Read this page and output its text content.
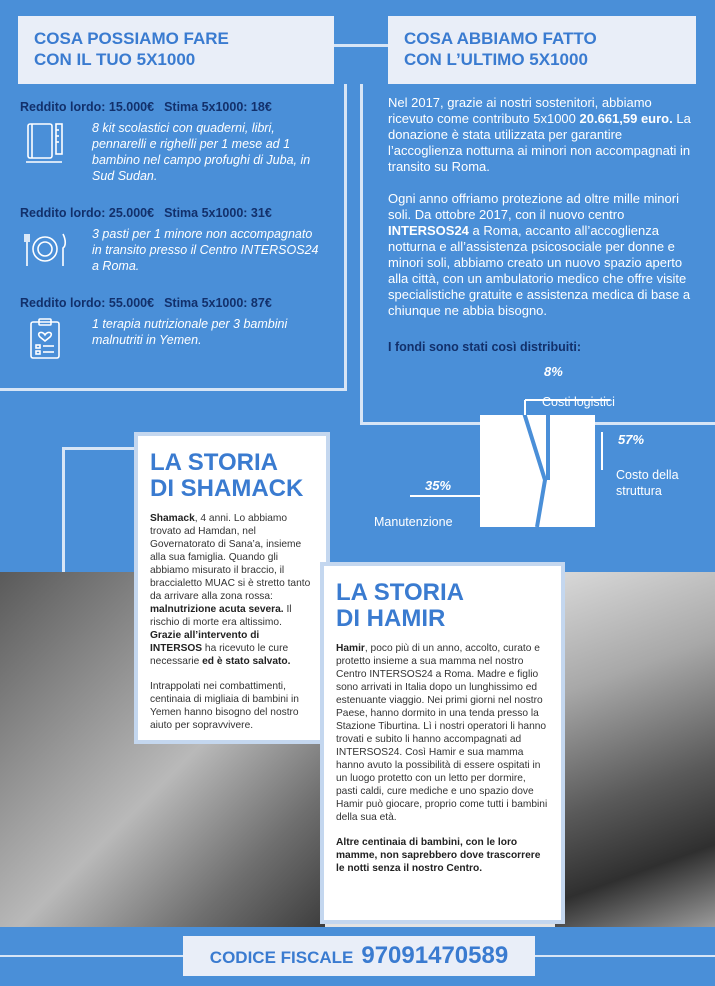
COSA POSSIAMO FARE
CON IL TUO 5X1000
COSA ABBIAMO FATTO
CON L’ULTIMO 5X1000
Reddito lordo: 15.000€ Stima 5x1000: 18€
8 kit scolastici con quaderni, libri, pennarelli e righelli per 1 mese ad 1 bambino nel campo profughi di Juba, in Sud Sudan.
Reddito lordo: 25.000€ Stima 5x1000: 31€
3 pasti per 1 minore non accompagnato in transito presso il Centro INTERSOS24 a Roma.
Reddito lordo: 55.000€ Stima 5x1000: 87€
1 terapia nutrizionale per 3 bambini malnutriti in Yemen.

Nel 2017, grazie ai nostri sostenitori, abbiamo ricevuto come contributo 5x1000 20.661,59 euro. La donazione è stata utilizzata per garantire l’accoglienza notturna ai minori non accompagnati in transito su Roma.

Ogni anno offriamo protezione ad oltre mille minori soli. Da ottobre 2017, con il nuovo centro INTERSOS24 a Roma, accanto all’accoglienza notturna e all’assistenza psicosociale per donne e minori soli, abbiamo creato un nuovo spazio aperto alla città, con un ambulatorio medico che offre visite specialistiche gratuite e assistenza medica di base a chiunque ne abbia bisogno.

I fondi sono stati così distribuiti:
8%
Costi logistici
57%
Costo della struttura
35%
Manutenzione
LA STORIA
DI SHAMACK

Shamack, 4 anni. Lo abbiamo trovato ad Hamdan, nel Governatorato di Sana’a, insieme alla sua famiglia. Quando gli abbiamo misurato il braccio, il braccialetto MUAC si è stretto tanto da arrivare alla zona rossa: malnutrizione acuta severa. Il rischio di morte era altissimo. Grazie all’intervento di INTERSOS ha ricevuto le cure necessarie ed è stato salvato.

Intrappolati nei combattimenti, centinaia di migliaia di bambini in Yemen hanno bisogno del nostro aiuto per sopravvivere.

LA STORIA
DI HAMIR

Hamir, poco più di un anno, accolto, curato e protetto insieme a sua mamma nel nostro Centro INTERSOS24 a Roma. Madre e figlio sono arrivati in Italia dopo un lunghissimo ed estenuante viaggio. Nei primi giorni nel nostro Paese, hanno dormito in una tenda presso la Stazione Tiburtina. Lì i nostri operatori li hanno trovati e subito li hanno accompagnati ad INTERSOS24. Così Hamir e sua mamma hanno avuto la possibilità di essere ospitati in un luogo protetto con un letto per dormire, pasti caldi, cure mediche e uno spazio dove Hamir può giocare, proprio come tutti i bambini della sua età.

Altre centinaia di bambini, con le loro mamme, non saprebbero dove trascorrere le notti senza il nostro Centro.

CODICE FISCALE 97091470589
